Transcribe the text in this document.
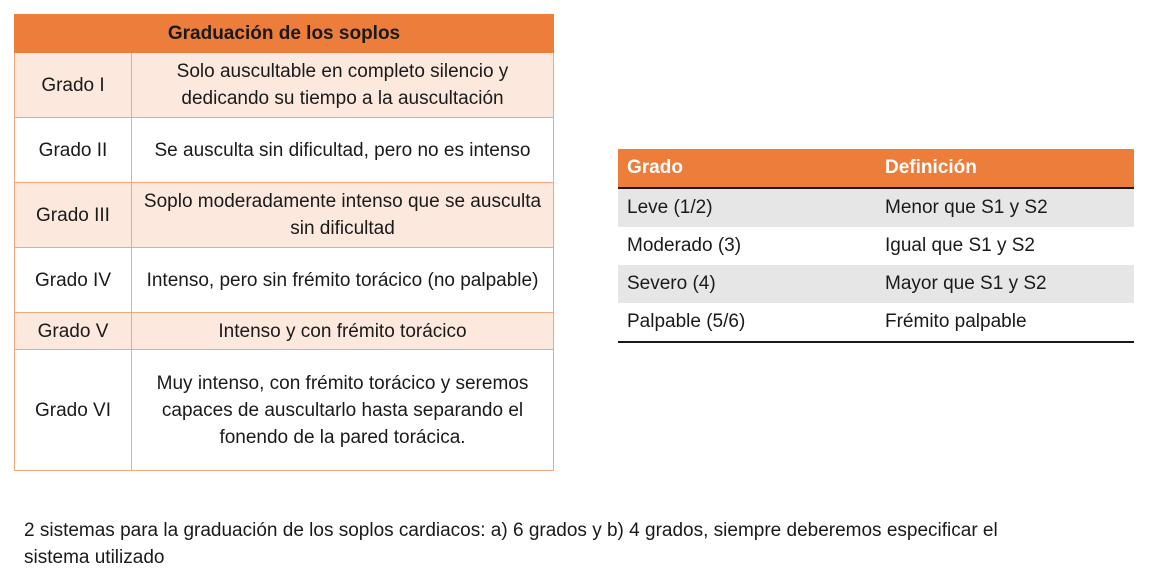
Graduación de los soplos	
Grado I	Solo auscultable en completo silencio y dedicando su tiempo a la auscultación
Grado II	Se ausculta sin dificultad, pero no es intenso
Grado III	Soplo moderadamente intenso que se ausculta sin dificultad
Grado IV	Intenso, pero sin frémito torácico (no palpable)
Grado V	Intenso y con frémito torácico
Grado VI	Muy intenso, con frémito torácico y seremos capaces de auscultarlo hasta separando el fonendo de la pared torácica.
Grado	Definición
Leve (1/2)	Menor que S1 y S2
Moderado (3)	Igual que S1 y S2
Severo (4)	Mayor que S1 y S2
Palpable (5/6)	Frémito palpable

2 sistemas para la graduación de los soplos cardiacos: a) 6 grados y b) 4 grados, siempre deberemos especificar el sistema utilizado
